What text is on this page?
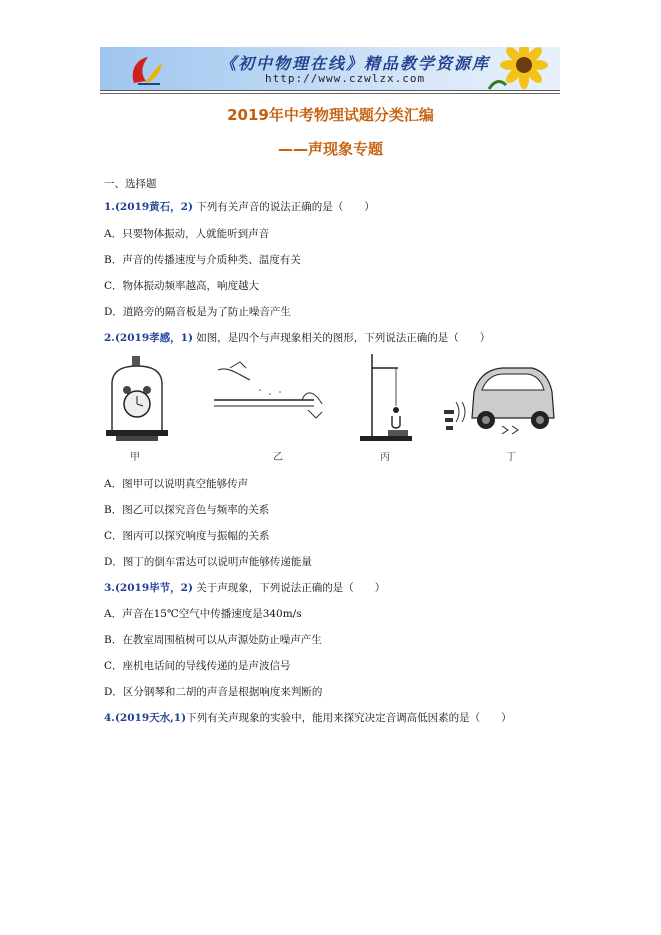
《初中物理在线》精品教学资源库
http://www.czwlzx.com
2019年中考物理试题分类汇编
——声现象专题
一、选择题
1.(2019黄石，2) 下列有关声音的说法正确的是（　　）
A．只要物体振动，人就能听到声音
B．声音的传播速度与介质种类、温度有关
C．物体振动频率越高，响度越大
D．道路旁的隔音板是为了防止噪音产生
2.(2019孝感，1) 如图，是四个与声现象相关的图形，下列说法正确的是（　　）
甲	乙	丙	丁
A．图甲可以说明真空能够传声
B．图乙可以探究音色与频率的关系
C．图丙可以探究响度与振幅的关系
D．图丁的倒车雷达可以说明声能够传递能量
3.(2019毕节，2) 关于声现象，下列说法正确的是（　　）
A．声音在15℃空气中传播速度是340m/s
B．在教室周围植树可以从声源处防止噪声产生
C．座机电话间的导线传递的是声波信号
D．区分钢琴和二胡的声音是根据响度来判断的
4.(2019天水,1)下列有关声现象的实验中，能用来探究决定音调高低因素的是（　　）
